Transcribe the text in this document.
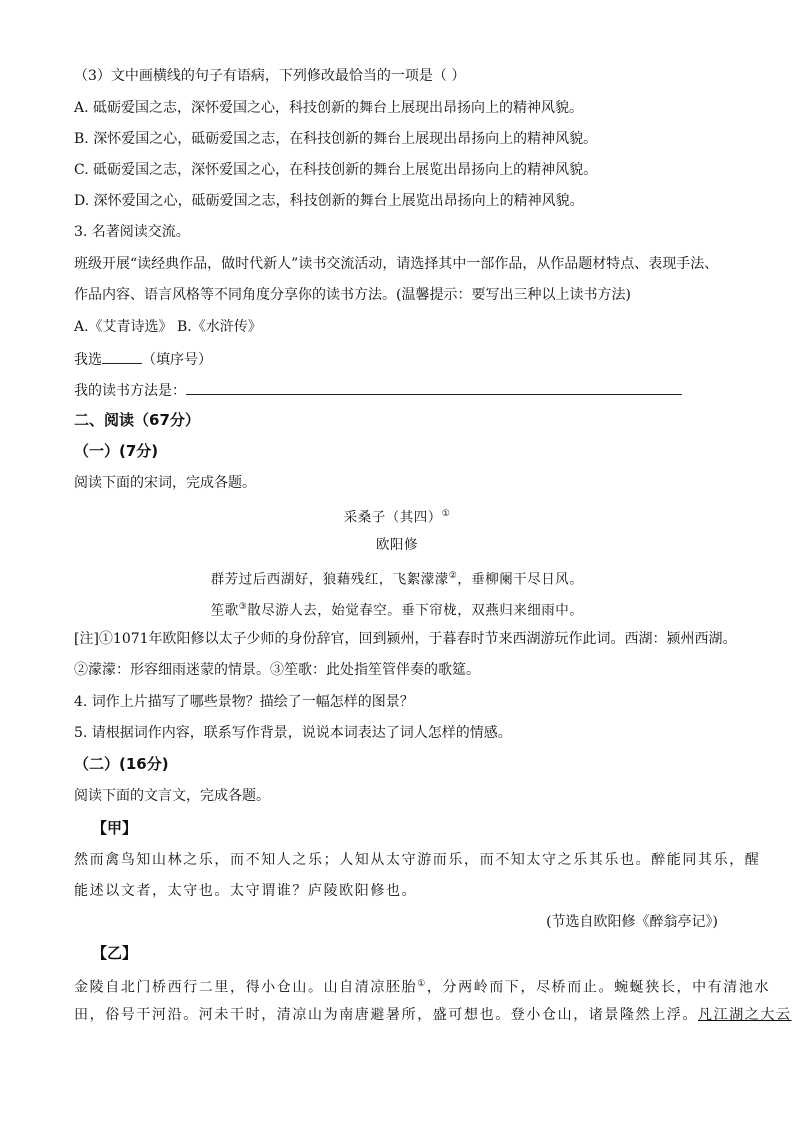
（3）文中画横线的句子有语病，下列修改最恰当的一项是（ ）
A. 砥砺爱国之志，深怀爱国之心，科技创新的舞台上展现出昂扬向上的精神风貌。
B. 深怀爱国之心，砥砺爱国之志，在科技创新的舞台上展现出昂扬向上的精神风貌。
C. 砥砺爱国之志，深怀爱国之心，在科技创新的舞台上展览出昂扬向上的精神风貌。
D. 深怀爱国之心，砥砺爱国之志，科技创新的舞台上展览出昂扬向上的精神风貌。
3. 名著阅读交流。
班级开展“读经典作品，做时代新人”读书交流活动，请选择其中一部作品，从作品题材特点、表现手法、
作品内容、语言风格等不同角度分享你的读书方法。(温馨提示：要写出三种以上读书方法)
A.《艾青诗选》 B.《水浒传》
我选	（填序号）
我的读书方法是：
二、阅读（67分）
（一）(7分)
阅读下面的宋词，完成各题。
采桑子（其四）①
欧阳修
群芳过后西湖好，狼藉残红，飞絮濛濛②，垂柳阑干尽日风。
笙歌③散尽游人去，始觉春空。垂下帘栊，双燕归来细雨中。
[注]①1071年欧阳修以太子少师的身份辞官，回到颍州，于暮春时节来西湖游玩作此词。西湖：颍州西湖。
②濛濛：形容细雨迷蒙的情景。③笙歌：此处指笙管伴奏的歌筵。
4. 词作上片描写了哪些景物？描绘了一幅怎样的图景？
5. 请根据词作内容，联系写作背景，说说本词表达了词人怎样的情感。
（二）(16分)
阅读下面的文言文，完成各题。
【甲】
然而禽鸟知山林之乐，而不知人之乐；人知从太守游而乐，而不知太守之乐其乐也。醉能同其乐，醒
能述以文者，太守也。太守谓谁？庐陵欧阳修也。
(节选自欧阳修《醉翁亭记》)
【乙】
金陵自北门桥西行二里，得小仓山。山自清凉胚胎①，分两岭而下，尽桥而止。蜿蜒狭长，中有清池水
田，俗号干河沿。河未干时，清凉山为南唐避暑所，盛可想也。登小仓山，诸景隆然上浮。凡江湖之大云
